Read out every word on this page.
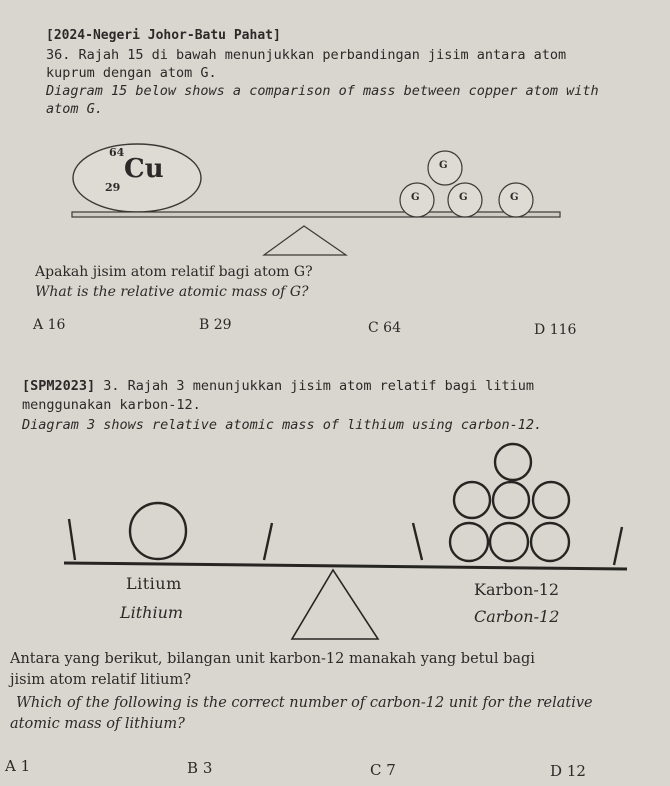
[2024-Negeri Johor-Batu Pahat]
36. Rajah 15 di bawah menunjukkan perbandingan jisim antara atom
kuprum dengan atom G.
Diagram 15 below shows a comparison of mass between copper atom with
atom G.
64
29
Cu	G
G	G	G
Apakah jisim atom relatif bagi atom G?
What is the relative atomic mass of G?
A 16	B 29	C 64	D 116
[SPM2023] 3. Rajah 3 menunjukkan jisim atom relatif bagi litium
menggunakan karbon-12.
Diagram 3 shows relative atomic mass of lithium using carbon-12.
Litium
Lithium
Karbon-12
Carbon-12
Antara yang berikut, bilangan unit karbon-12 manakah yang betul bagi
jisim atom relatif litium?
Which of the following is the correct number of carbon-12 unit for the relative
atomic mass of lithium?
A 1	B 3	C 7	D 12
